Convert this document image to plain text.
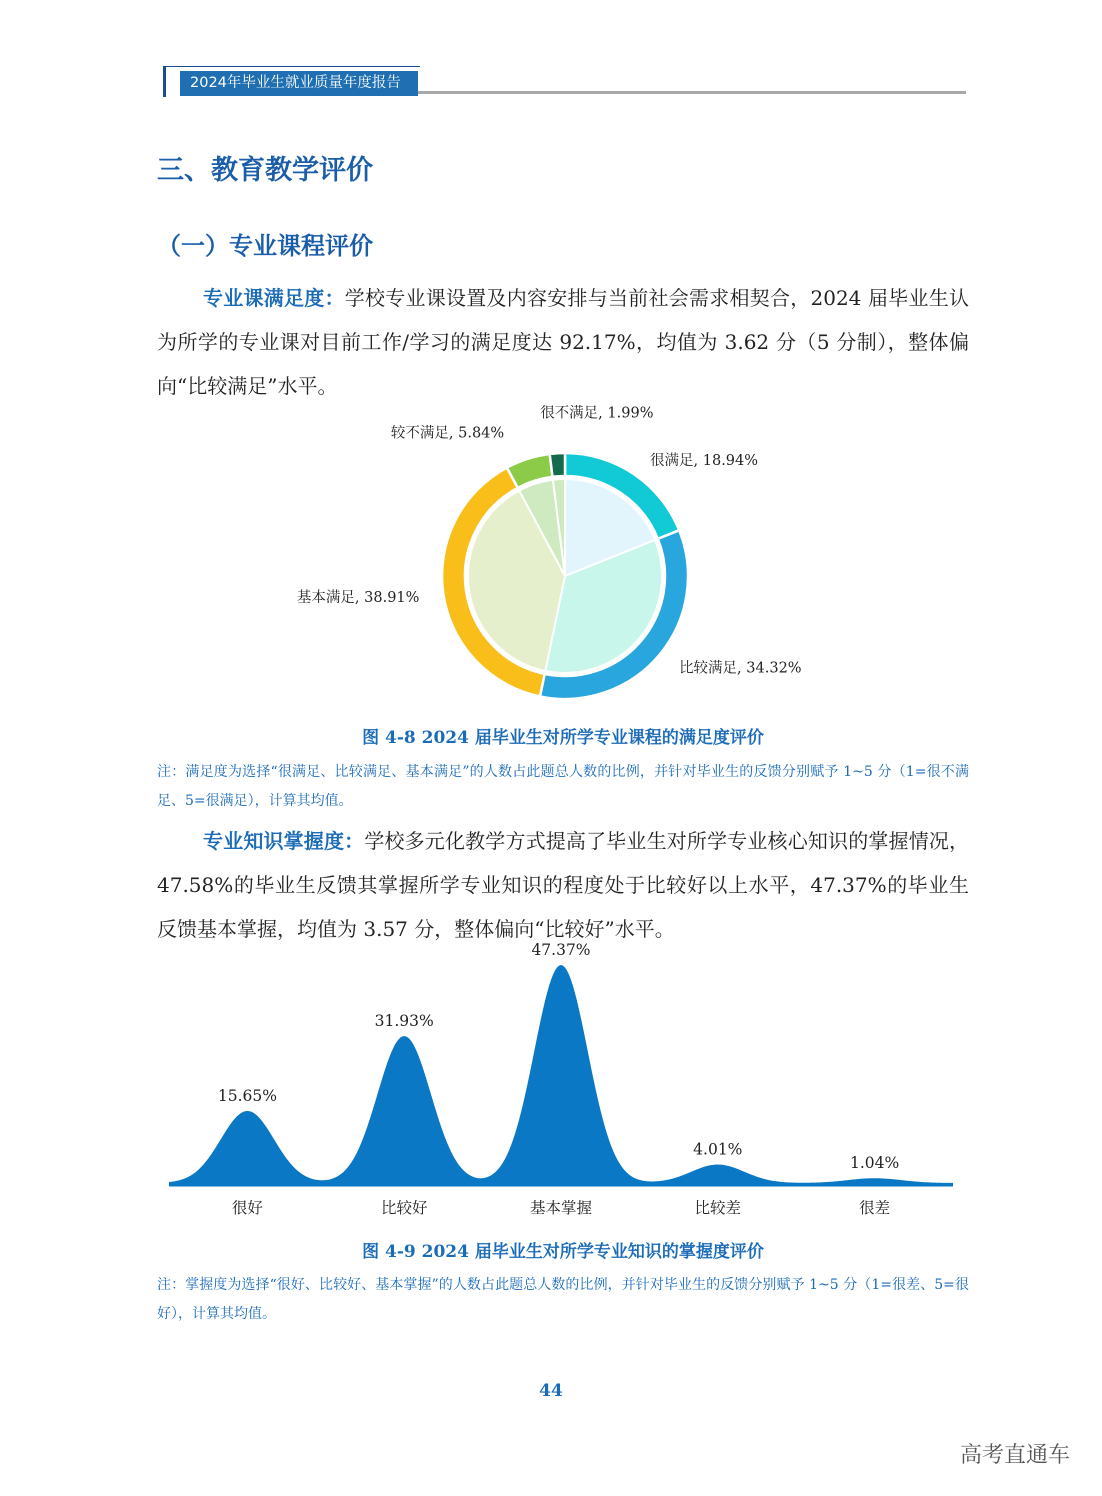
2024年毕业生就业质量年度报告
三、教育教学评价
（一）专业课程评价
专业课满足度：学校专业课设置及内容安排与当前社会需求相契合，2024 届毕业生认为所学的专业课对目前工作/学习的满足度达 92.17%，均值为 3.62 分（5 分制），整体偏向“比较满足”水平。
很满足, 18.94%
比较满足, 34.32%
基本满足, 38.91%
较不满足, 5.84%
很不满足, 1.99%
图 4-8 2024 届毕业生对所学专业课程的满足度评价
注：满足度为选择“很满足、比较满足、基本满足”的人数占此题总人数的比例，并针对毕业生的反馈分别赋予 1~5 分（1=很不满足、5=很满足），计算其均值。
专业知识掌握度：学校多元化教学方式提高了毕业生对所学专业核心知识的掌握情况，47.58%的毕业生反馈其掌握所学专业知识的程度处于比较好以上水平，47.37%的毕业生反馈基本掌握，均值为 3.57 分，整体偏向“比较好”水平。
15.65%
很好
31.93%
比较好
47.37%
基本掌握
4.01%
比较差
1.04%
很差
图 4-9 2024 届毕业生对所学专业知识的掌握度评价
注：掌握度为选择“很好、比较好、基本掌握”的人数占此题总人数的比例，并针对毕业生的反馈分别赋予 1~5 分（1=很差、5=很好），计算其均值。
44
高考直通车
